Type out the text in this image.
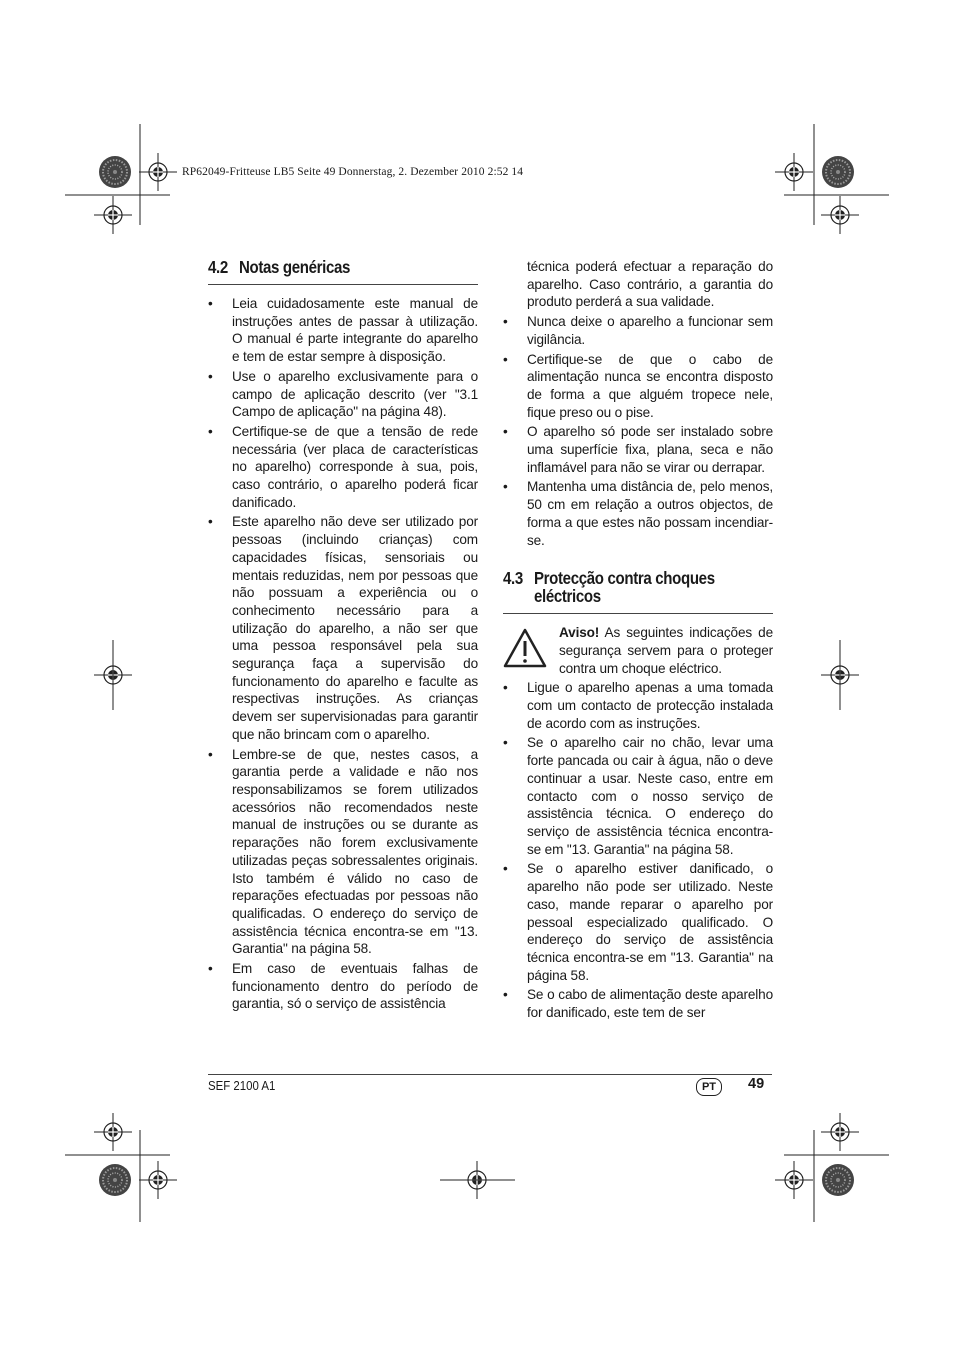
RP62049-Fritteuse LB5 Seite 49 Donnerstag, 2. Dezember 2010 2:52 14
4.2 Notas genéricas
• Leia cuidadosamente este manual de instruções antes de passar à utilização. O manual é parte integrante do aparelho e tem de estar sempre à disposição.
• Use o aparelho exclusivamente para o campo de aplicação descrito (ver "3.1 Campo de aplicação" na página 48).
• Certifique-se de que a tensão de rede necessária (ver placa de características no aparelho) corresponde à sua, pois, caso contrário, o aparelho poderá ficar danificado.
• Este aparelho não deve ser utilizado por pessoas (incluindo crianças) com capacidades físicas, sensoriais ou mentais reduzidas, nem por pessoas que não possuam a experiência ou o conhecimento necessário para a utilização do aparelho, a não ser que uma pessoa responsável pela sua segurança faça a supervisão do funcionamento do aparelho e faculte as respectivas instruções. As crianças devem ser supervisionadas para garantir que não brincam com o aparelho.
• Lembre-se de que, nestes casos, a garantia perde a validade e não nos responsabilizamos se forem utilizados acessórios não recomendados neste manual de instruções ou se durante as reparações não forem exclusivamente utilizadas peças sobressalentes originais. Isto também é válido no caso de reparações efectuadas por pessoas não qualificadas. O endereço do serviço de assistência técnica encontra-se em "13. Garantia" na página 58.
• Em caso de eventuais falhas de funcionamento dentro do período de garantia, só o serviço de assistência
técnica poderá efectuar a reparação do aparelho. Caso contrário, a garantia do produto perderá a sua validade.
• Nunca deixe o aparelho a funcionar sem vigilância.
• Certifique-se de que o cabo de alimentação nunca se encontra disposto de forma a que alguém tropece nele, fique preso ou o pise.
• O aparelho só pode ser instalado sobre uma superfície fixa, plana, seca e não inflamável para não se virar ou derrapar.
• Mantenha uma distância de, pelo menos, 50 cm em relação a outros objectos, de forma a que estes não possam incendiar-se.
4.3 Protecção contra choques
eléctricos
Aviso! As seguintes indicações de segurança servem para o proteger contra um choque eléctrico.
• Ligue o aparelho apenas a uma tomada com um contacto de protecção instalada de acordo com as instruções.
• Se o aparelho cair no chão, levar uma forte pancada ou cair à água, não o deve continuar a usar. Neste caso, entre em contacto com o nosso serviço de assistência técnica. O endereço do serviço de assistência técnica encontra-se em "13. Garantia" na página 58.
• Se o aparelho estiver danificado, o aparelho não pode ser utilizado. Neste caso, mande reparar o aparelho por pessoal especializado qualificado. O endereço do serviço de assistência técnica encontra-se em "13. Garantia" na página 58.
• Se o cabo de alimentação deste aparelho for danificado, este tem de ser
SEF 2100 A1	PT	49
